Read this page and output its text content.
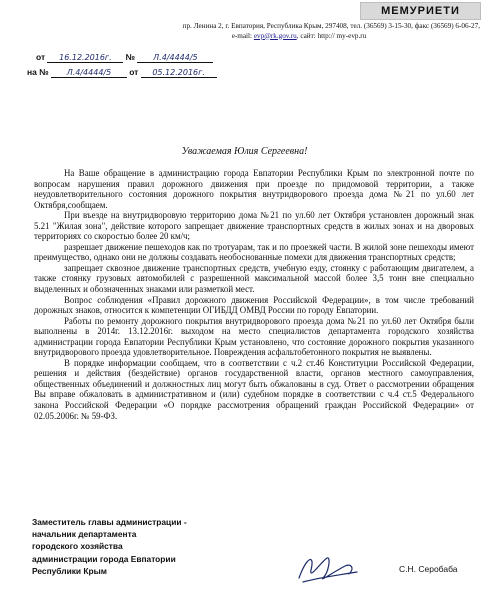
МЕМУРИЕТИ
пр. Ленина 2, г. Евпатория, Республика Крым, 297408, тел. (36569) 3-15-30, факс (36569) 6-06-27,
e-mail: evp@rk.gov.ru, сайт: http:// my-evp.ru
от 16.12.2016г. № Л.4/4444/5
на № Л.4/4444/5 от 05.12.2016г.
Уважаемая Юлия Сергеевна!

На Ваше обращение в администрацию города Евпатории Республики Крым по электронной почте по вопросам нарушения правил дорожного движения при проезде по придомовой территории, а также неудовлетворительного состояния дорожного покрытия внутридворового проезда дома №21 по ул.60 лет Октября,сообщаем.

При въезде на внутридворовую территорию дома №21 по ул.60 лет Октября установлен дорожный знак 5.21 "Жилая зона", действие которого запрещает движение транспортных средств в жилых зонах и на дворовых территориях со скоростью более 20 км/ч;

разрешает движение пешеходов как по тротуарам, так и по проезжей части. В жилой зоне пешеходы имеют преимущество, однако они не должны создавать необоснованные помехи для движения транспортных средств;

запрещает сквозное движение транспортных средств, учебную езду, стоянку с работающим двигателем, а также стоянку грузовых автомобилей с разрешенной максимальной массой более 3,5 тонн вне специально выделенных и обозначенных знаками или разметкой мест.

Вопрос соблюдения «Правил дорожного движения Российской Федерации», в том числе требований дорожных знаков, относится к компетенции ОГИБДД ОМВД России по городу Евпатории.

Работы по ремонту дорожного покрытия внутридворового проезда дома №21 по ул.60 лет Октября были выполнены в 2014г. 13.12.2016г. выходом на место специалистов департамента городского хозяйства администрации города Евпатории Республики Крым установлено, что состояние дорожного покрытия указанного внутридворового проезда удовлетворительное. Повреждения асфальтобетонного покрытия не выявлены.

В порядке информации сообщаем, что в соответствии с ч.2 ст.46 Конституции Российской Федерации, решения и действия (бездействие) органов государственной власти, органов местного самоуправления, общественных объединений и должностных лиц могут быть обжалованы в суд. Ответ о рассмотрении обращения Вы вправе обжаловать в административном и (или) судебном порядке в соответствии с ч.4 ст.5 Федерального закона Российской Федерации «О порядке рассмотрения обращений граждан Российской Федерации» от 02.05.2006г. № 59-ФЗ.

Заместитель главы администрации -
начальник департамента
городского хозяйства
администрации города Евпатории
Республики Крым	С.Н. Серобаба
